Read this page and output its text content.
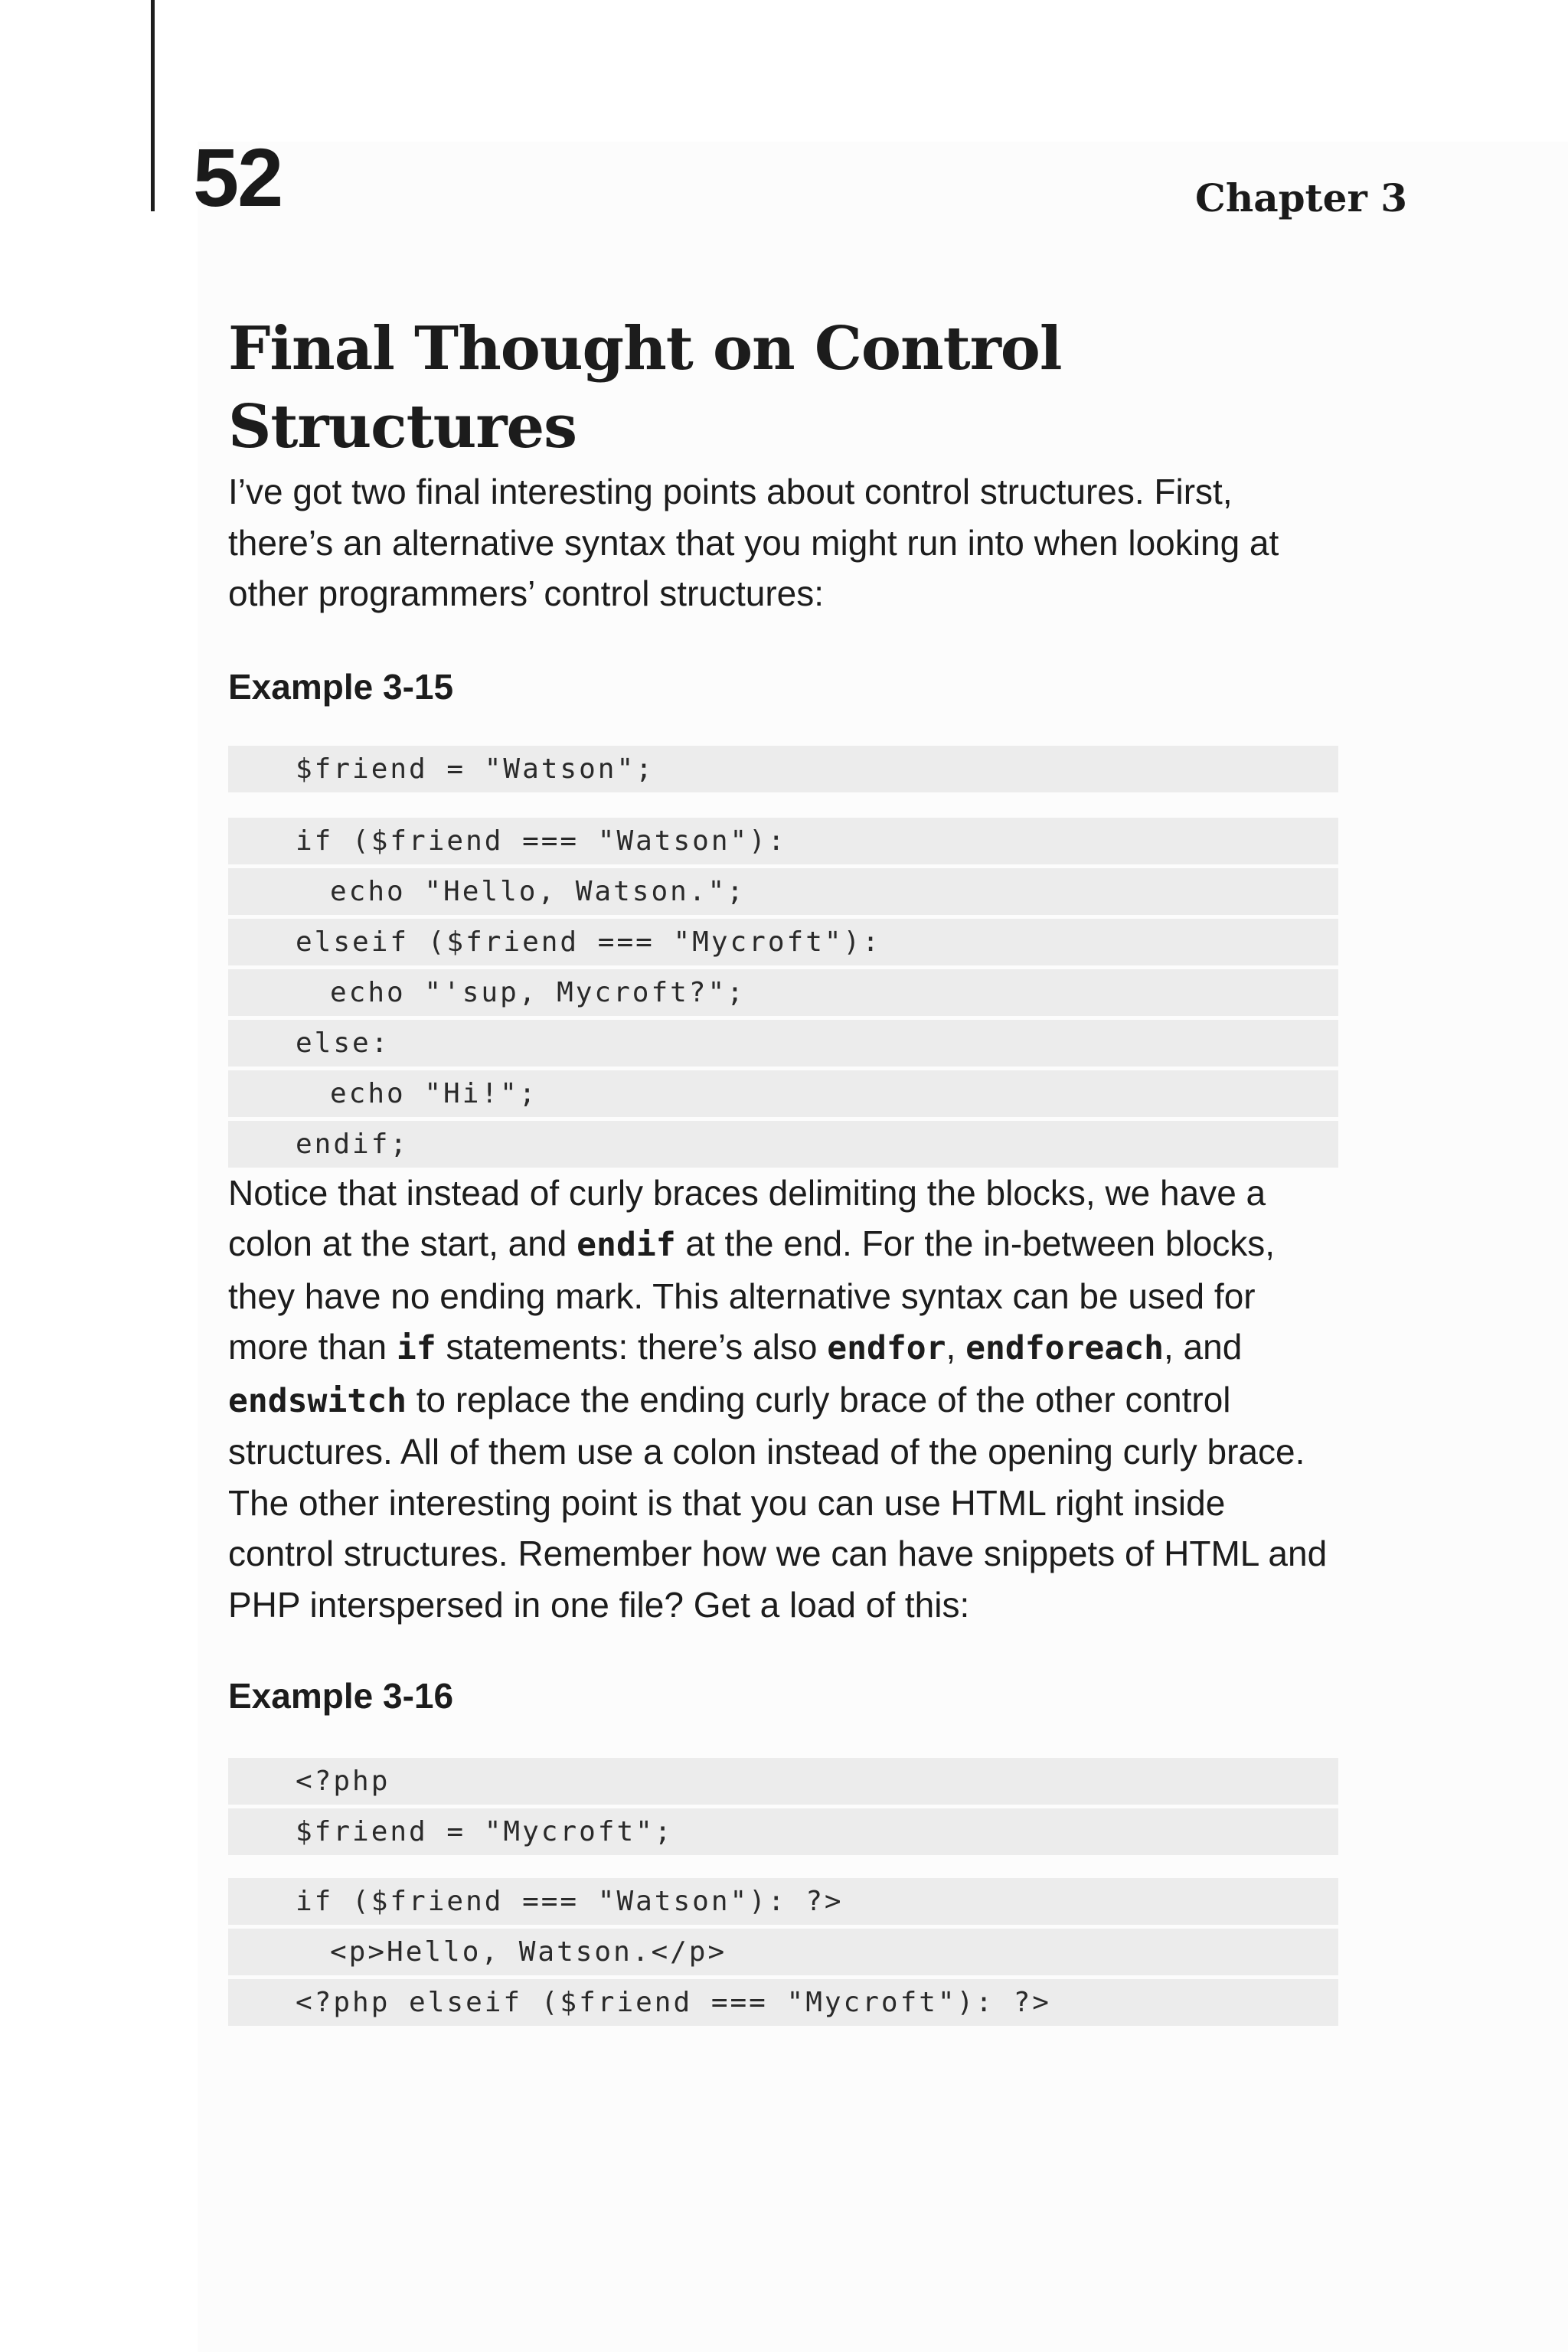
52	Chapter 3
Final Thought on Control Structures

I’ve got two final interesting points about control structures. First, there’s an alternative syntax that you might run into when looking at other programmers’ control structures:

Example 3-15
$friend = "Watson";
if ($friend === "Watson"):
echo "Hello, Watson.";
elseif ($friend === "Mycroft"):
echo "'sup, Mycroft?";
else:
echo "Hi!";
endif;

Notice that instead of curly braces delimiting the blocks, we have a colon at the start, and endif at the end. For the in-between blocks, they have no ending mark. This alternative syntax can be used for more than if statements: there’s also endfor, endforeach, and endswitch to replace the ending curly brace of the other control structures. All of them use a colon instead of the opening curly brace.

The other interesting point is that you can use HTML right inside control structures. Remember how we can have snippets of HTML and PHP interspersed in one file? Get a load of this:

Example 3-16
<?php
$friend = "Mycroft";
if ($friend === "Watson"): ?>
<p>Hello, Watson.</p>
<?php elseif ($friend === "Mycroft"): ?>
